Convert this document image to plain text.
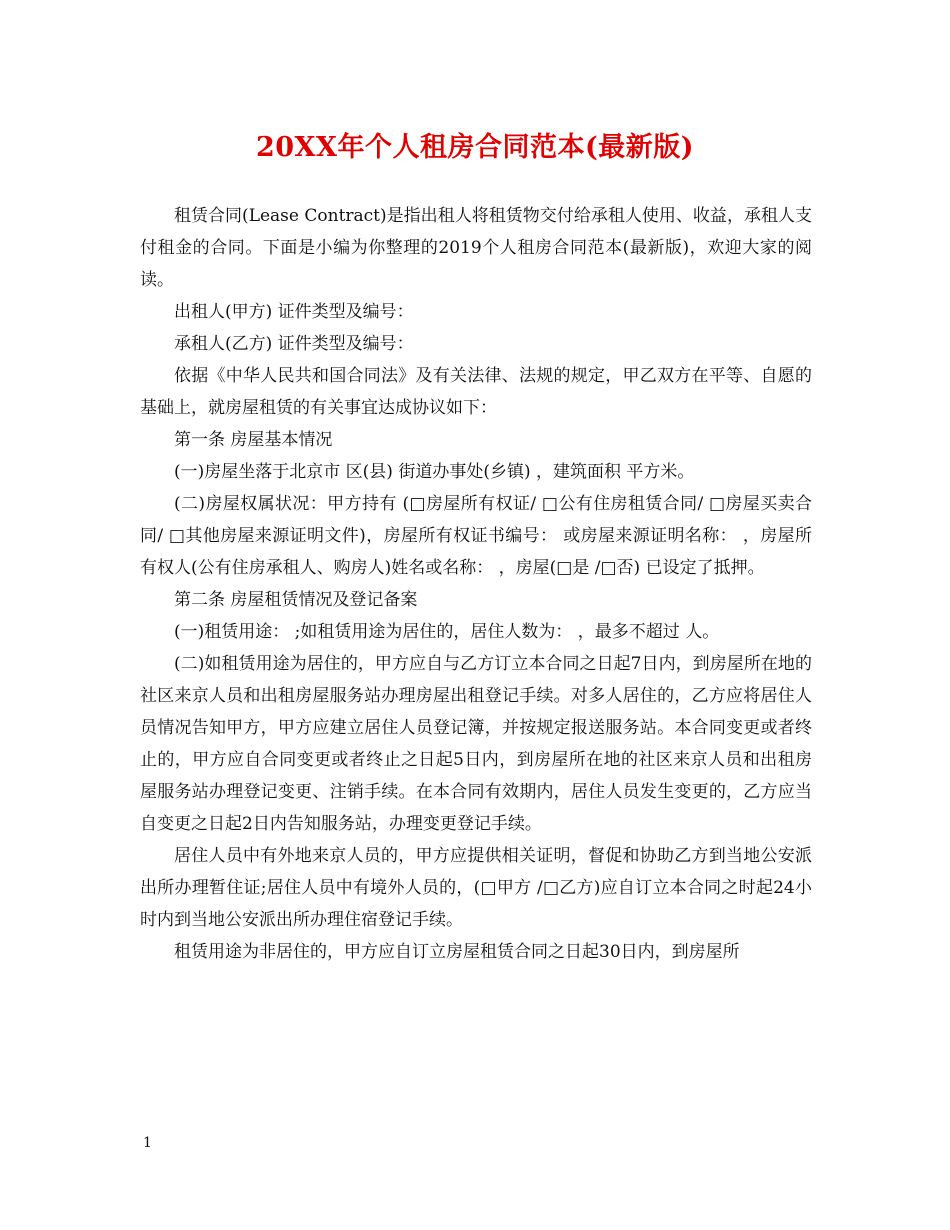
20XX年个人租房合同范本(最新版)

租赁合同(Lease Contract)是指出租人将租赁物交付给承租人使用、收益，承租人支付租金的合同。下面是小编为你整理的2019个人租房合同范本(最新版)，欢迎大家的阅读。

出租人(甲方) 证件类型及编号：

承租人(乙方) 证件类型及编号：

依据《中华人民共和国合同法》及有关法律、法规的规定，甲乙双方在平等、自愿的基础上，就房屋租赁的有关事宜达成协议如下：

第一条 房屋基本情况

(一)房屋坐落于北京市 区(县) 街道办事处(乡镇) ，建筑面积 平方米。

(二)房屋权属状况：甲方持有 (□房屋所有权证/ □公有住房租赁合同/ □房屋买卖合同/ □其他房屋来源证明文件)，房屋所有权证书编号： 或房屋来源证明名称： ，房屋所有权人(公有住房承租人、购房人)姓名或名称： ，房屋(□是 /□否) 已设定了抵押。

第二条 房屋租赁情况及登记备案

(一)租赁用途： ;如租赁用途为居住的，居住人数为： ，最多不超过 人。

(二)如租赁用途为居住的，甲方应自与乙方订立本合同之日起7日内，到房屋所在地的社区来京人员和出租房屋服务站办理房屋出租登记手续。对多人居住的，乙方应将居住人员情况告知甲方，甲方应建立居住人员登记簿，并按规定报送服务站。本合同变更或者终止的，甲方应自合同变更或者终止之日起5日内，到房屋所在地的社区来京人员和出租房屋服务站办理登记变更、注销手续。在本合同有效期内，居住人员发生变更的，乙方应当自变更之日起2日内告知服务站，办理变更登记手续。

居住人员中有外地来京人员的，甲方应提供相关证明，督促和协助乙方到当地公安派出所办理暂住证;居住人员中有境外人员的，(□甲方 /□乙方)应自订立本合同之时起24小时内到当地公安派出所办理住宿登记手续。

租赁用途为非居住的，甲方应自订立房屋租赁合同之日起30日内，到房屋所

1
